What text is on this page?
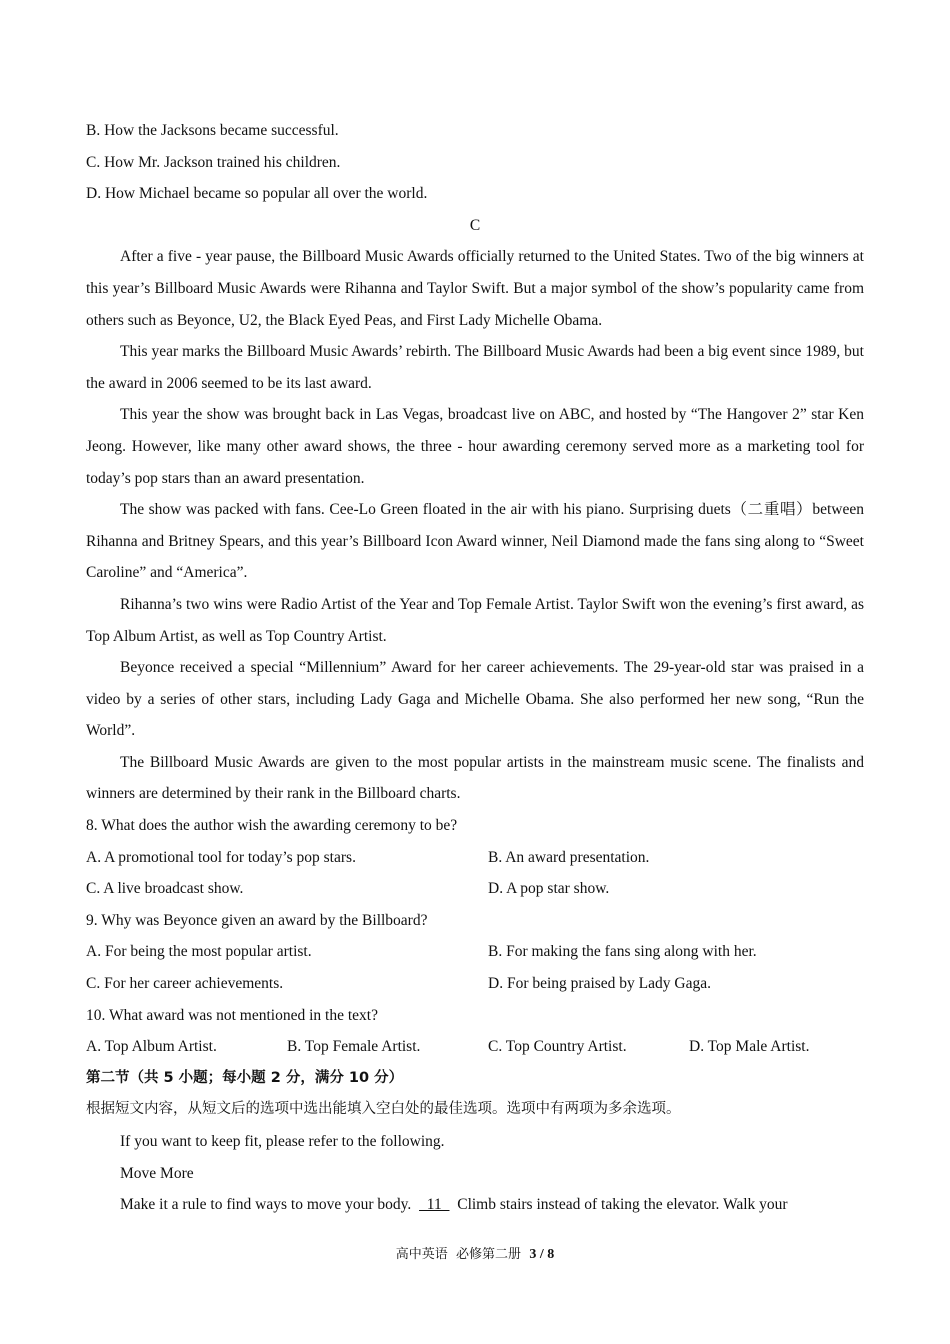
B. How the Jacksons became successful.
C. How Mr. Jackson trained his children.
D. How Michael became so popular all over the world.
C
After a five - year pause, the Billboard Music Awards officially returned to the United States. Two of the big winners at this year’s Billboard Music Awards were Rihanna and Taylor Swift. But a major symbol of the show’s popularity came from others such as Beyonce, U2, the Black Eyed Peas, and First Lady Michelle Obama.
This year marks the Billboard Music Awards’ rebirth. The Billboard Music Awards had been a big event since 1989, but the award in 2006 seemed to be its last award.
This year the show was brought back in Las Vegas, broadcast live on ABC, and hosted by “The Hangover 2” star Ken Jeong. However, like many other award shows, the three - hour awarding ceremony served more as a marketing tool for today’s pop stars than an award presentation.
The show was packed with fans. Cee-Lo Green floated in the air with his piano. Surprising duets（二重唱）between Rihanna and Britney Spears, and this year’s Billboard Icon Award winner, Neil Diamond made the fans sing along to “Sweet Caroline” and “America”.
Rihanna’s two wins were Radio Artist of the Year and Top Female Artist. Taylor Swift won the evening’s first award, as Top Album Artist, as well as Top Country Artist.
Beyonce received a special “Millennium” Award for her career achievements. The 29-year-old star was praised in a video by a series of other stars, including Lady Gaga and Michelle Obama. She also performed her new song, “Run the World”.
The Billboard Music Awards are given to the most popular artists in the mainstream music scene. The finalists and winners are determined by their rank in the Billboard charts.
8. What does the author wish the awarding ceremony to be?
A. A promotional tool for today’s pop stars.	B. An award presentation.
C. A live broadcast show.	D. A pop star show.
9. Why was Beyonce given an award by the Billboard?
A. For being the most popular artist.	B. For making the fans sing along with her.
C. For her career achievements.	D. For being praised by Lady Gaga.
10. What award was not mentioned in the text?
A. Top Album Artist.	B. Top Female Artist.	C. Top Country Artist.	D. Top Male Artist.
第二节（共 5 小题；每小题 2 分，满分 10 分）
根据短文内容，从短文后的选项中选出能填入空白处的最佳选项。选项中有两项为多余选项。
If you want to keep fit, please refer to the following.
Move More
Make it a rule to find ways to move your body.    11    Climb stairs instead of taking the elevator. Walk your
高中英语  必修第二册 3 / 8
